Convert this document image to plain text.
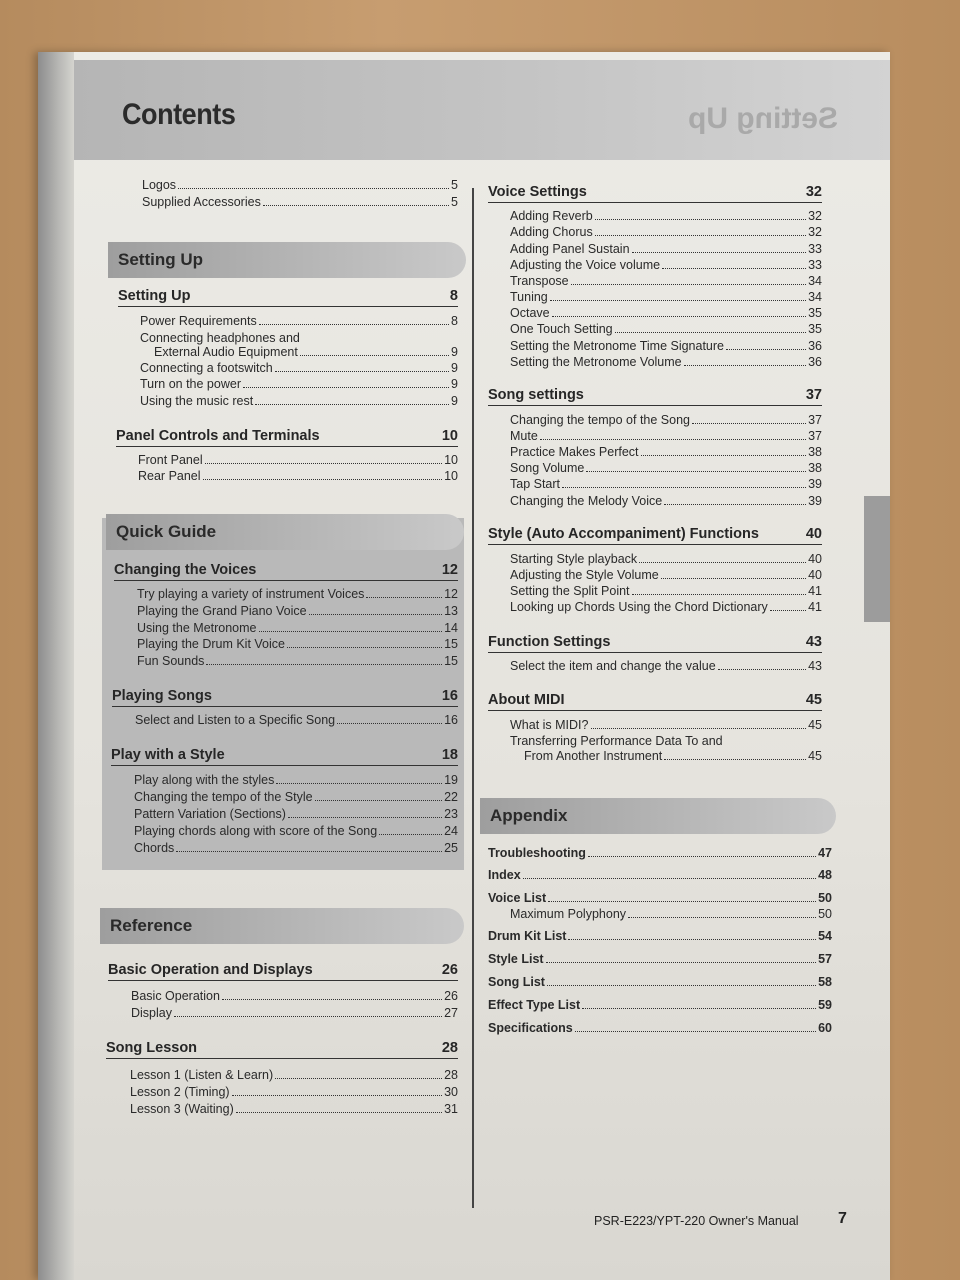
Contents	Setting Up
Logos	5
Supplied Accessories	5
Setting Up
Setting Up	8
Power Requirements	8
Connecting headphones and
External Audio Equipment	9
Connecting a footswitch	9
Turn on the power	9
Using the music rest	9
Panel Controls and Terminals	10
Front Panel	10
Rear Panel	10
Quick Guide
Changing the Voices	12
Try playing a variety of instrument Voices	12
Playing the Grand Piano Voice	13
Using the Metronome	14
Playing the Drum Kit Voice	15
Fun Sounds	15
Playing Songs	16
Select and Listen to a Specific Song	16
Play with a Style	18
Play along with the styles	19
Changing the tempo of the Style	22
Pattern Variation (Sections)	23
Playing chords along with score of the Song	24
Chords	25
Reference
Basic Operation and Displays	26
Basic Operation	26
Display	27
Song Lesson	28
Lesson 1 (Listen & Learn)	28
Lesson 2 (Timing)	30
Lesson 3 (Waiting)	31
Voice Settings	32
Adding Reverb	32
Adding Chorus	32
Adding Panel Sustain	33
Adjusting the Voice volume	33
Transpose	34
Tuning	34
Octave	35
One Touch Setting	35
Setting the Metronome Time Signature	36
Setting the Metronome Volume	36
Song settings	37
Changing the tempo of the Song	37
Mute	37
Practice Makes Perfect	38
Song Volume	38
Tap Start	39
Changing the Melody Voice	39
Style (Auto Accompaniment) Functions	40
Starting Style playback	40
Adjusting the Style Volume	40
Setting the Split Point	41
Looking up Chords Using the Chord Dictionary	41
Function Settings	43
Select the item and change the value	43
About MIDI	45
What is MIDI?	45
Transferring Performance Data To and
From Another Instrument	45
Appendix
Troubleshooting	47
Index	48
Voice List	50
Maximum Polyphony	50
Drum Kit List	54
Style List	57
Song List	58
Effect Type List	59
Specifications	60
PSR-E223/YPT-220 Owner's Manual 7
